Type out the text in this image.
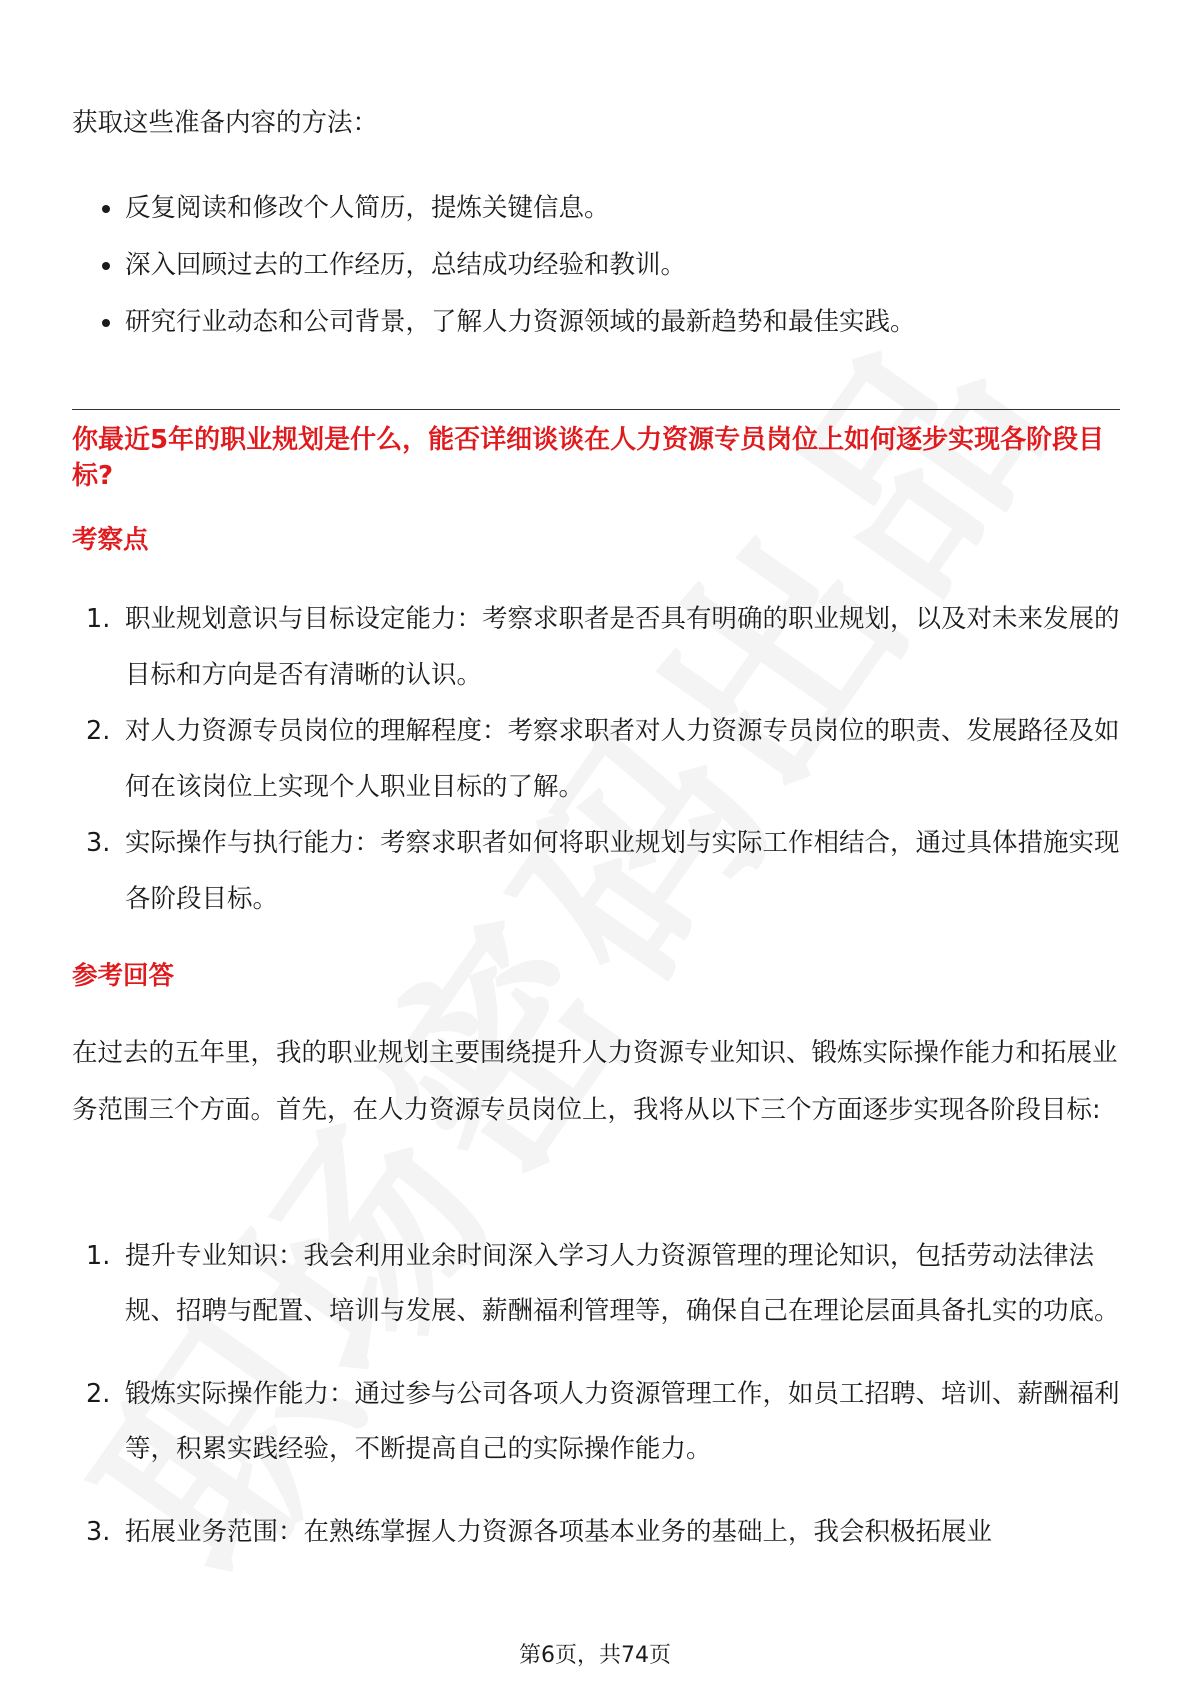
获取这些准备内容的方法：
反复阅读和修改个人简历，提炼关键信息。
深入回顾过去的工作经历，总结成功经验和教训。
研究行业动态和公司背景，了解人力资源领域的最新趋势和最佳实践。
你最近5年的职业规划是什么，能否详细谈谈在人力资源专员岗位上如何逐步实现各阶段目标?
考察点
1. 职业规划意识与目标设定能力：考察求职者是否具有明确的职业规划，以及对未来发展的目标和方向是否有清晰的认识。
2. 对人力资源专员岗位的理解程度：考察求职者对人力资源专员岗位的职责、发展路径及如何在该岗位上实现个人职业目标的了解。
3. 实际操作与执行能力：考察求职者如何将职业规划与实际工作相结合，通过具体措施实现各阶段目标。
参考回答
在过去的五年里，我的职业规划主要围绕提升人力资源专业知识、锻炼实际操作能力和拓展业务范围三个方面。首先，在人力资源专员岗位上，我将从以下三个方面逐步实现各阶段目标:
1. 提升专业知识：我会利用业余时间深入学习人力资源管理的理论知识，包括劳动法律法规、招聘与配置、培训与发展、薪酬福利管理等，确保自己在理论层面具备扎实的功底。
2. 锻炼实际操作能力：通过参与公司各项人力资源管理工作，如员工招聘、培训、薪酬福利等，积累实践经验，不断提高自己的实际操作能力。
3. 拓展业务范围：在熟练掌握人力资源各项基本业务的基础上，我会积极拓展业
第6页，共74页
